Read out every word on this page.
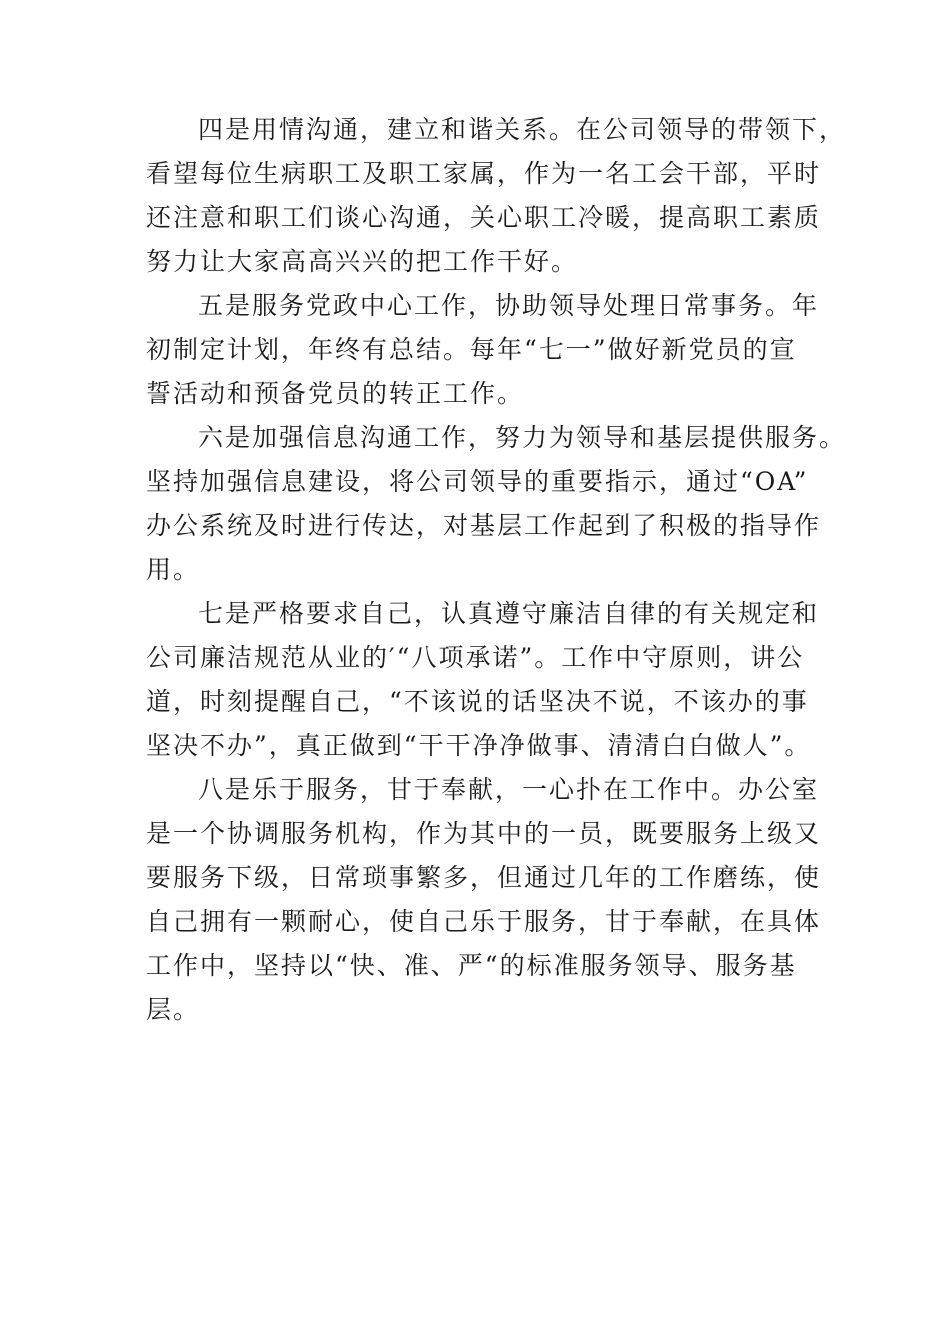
四是用情沟通，建立和谐关系。在公司领导的带领下，
看望每位生病职工及职工家属，作为一名工会干部，平时
还注意和职工们谈心沟通，关心职工冷暖，提高职工素质
努力让大家高高兴兴的把工作干好。

五是服务党政中心工作，协助领导处理日常事务。年
初制定计划，年终有总结。每年“七一”做好新党员的宣
誓活动和预备党员的转正工作。

六是加强信息沟通工作，努力为领导和基层提供服务。
坚持加强信息建设，将公司领导的重要指示，通过“OA”
办公系统及时进行传达，对基层工作起到了积极的指导作
用。

七是严格要求自己，认真遵守廉洁自律的有关规定和
公司廉洁规范从业的′“八项承诺”。工作中守原则，讲公
道，时刻提醒自己，“不该说的话坚决不说，不该办的事
坚决不办”，真正做到“干干净净做事、清清白白做人”。

八是乐于服务，甘于奉献，一心扑在工作中。办公室
是一个协调服务机构，作为其中的一员，既要服务上级又
要服务下级，日常琐事繁多，但通过几年的工作磨练，使
自己拥有一颗耐心，使自己乐于服务，甘于奉献，在具体
工作中，坚持以“快、准、严“的标准服务领导、服务基
层。
